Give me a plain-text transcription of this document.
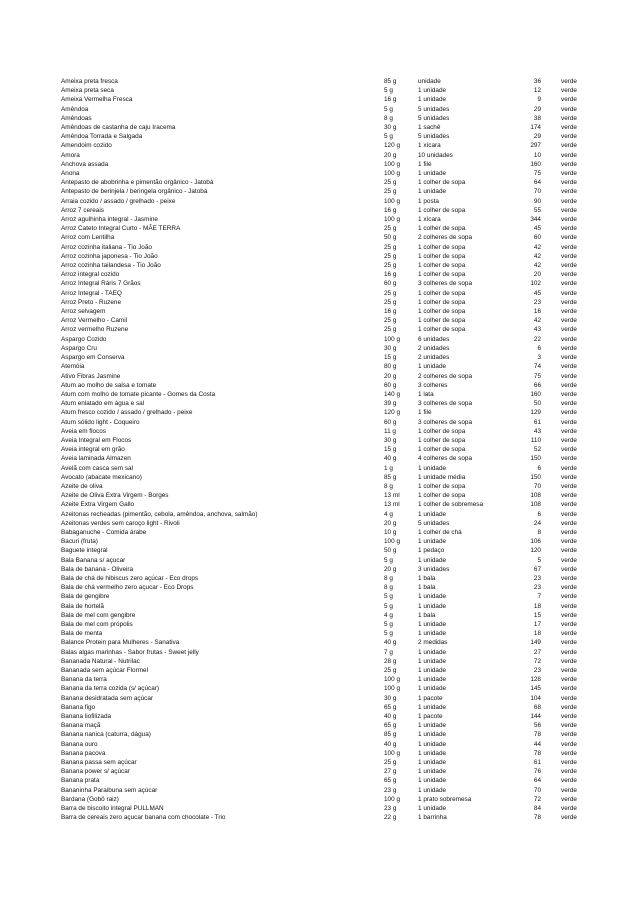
Ameixa preta fresca	85 g	unidade	36	verde
Ameixa preta seca	5 g	1 unidade	12	verde
Ameixa Vermelha Fresca	16 g	1 unidade	9	verde
Amêndoa	5 g	5 unidades	29	verde
Amêndoas	8 g	5 unidades	38	verde
Amêndoas de castanha de caju Iracema	30 g	1 sachê	174	verde
Amêndoa Torrada e Salgada	5 g	5 unidades	29	verde
Amendoim cozido	120 g	1 xícara	297	verde
Amora	20 g	10 unidades	10	verde
Anchova assada	100 g	1 filé	160	verde
Anona	100 g	1 unidade	75	verde
Antepasto de abobrinha e pimentão orgânico - Jatobá	25 g	1 colher de sopa	64	verde
Antepasto de berinjela / beringela orgânico - Jatobá	25 g	1 unidade	70	verde
Arraia cozido / assado / grelhado - peixe	100 g	1 posta	90	verde
Arroz 7 cereais	16 g	1 colher de sopa	55	verde
Arroz agulhinha integral - Jasmine	100 g	1 xícara	344	verde
Arroz Cateto Integral Curto - MÃE TERRA	25 g	1 colher de sopa	45	verde
Arroz com Lentilha	50 g	2 colheres de sopa	60	verde
Arroz cozinha italiana - Tio João	25 g	1 colher de sopa	42	verde
Arroz cozinha japonesa - Tio João	25 g	1 colher de sopa	42	verde
Arroz cozinha tailandesa - Tio João	25 g	1 colher de sopa	42	verde
Arroz integral cozido	16 g	1 colher de sopa	20	verde
Arroz Integral Ráris 7 Grãos	60 g	3 colheres de sopa	102	verde
Arroz Integral - TAEQ	25 g	1 colher de sopa	45	verde
Arroz Preto - Ruzene	25 g	1 colher de sopa	23	verde
Arroz selvagem	16 g	1 colher de sopa	16	verde
Arroz Vermelho - Camil	25 g	1 colher de sopa	42	verde
Arroz vermelho Ruzene	25 g	1 colher de sopa	43	verde
Aspargo Cozido	100 g	6 unidades	22	verde
Aspargo Cru	30 g	2 unidades	6	verde
Aspargo em Conserva	15 g	2 unidades	3	verde
Atemóia	80 g	1 unidade	74	verde
Ativo Fibras Jasmine	20 g	2 colheres de sopa	75	verde
Atum ao molho de salsa e tomate	60 g	3 colheres	66	verde
Atum com molho de tomate picante - Gomes da Costa	140 g	1 lata	160	verde
Atum enlatado em água e sal	39 g	3 colheres de sopa	50	verde
Atum fresco cozido / assado / grelhado - peixe	120 g	1 filé	129	verde
Atum sólido light - Coqueiro	60 g	3 colheres de sopa	61	verde
Aveia em flocos	11 g	1 colher de sopa	43	verde
Aveia Integral em Flocos	30 g	1 colher de sopa	110	verde
Aveia integral em grão	15 g	1 colher de sopa	52	verde
Aveia laminada Almazen	40 g	4 colheres de sopa	150	verde
Avelã com casca sem sal	1 g	1 unidade	6	verde
Avocato (abacate mexicano)	85 g	1 unidade média	150	verde
Azeite de oliva	8 g	1 colher de sopa	70	verde
Azeite de Oliva Extra Virgem - Borges	13 ml	1 colher de sopa	108	verde
Azeite Extra Virgem Gallo	13 ml	1 colher de sobremesa	108	verde
Azeitonas recheadas (pimentão, cebola, amêndoa, anchova, salmão)	4 g	1 unidade	6	verde
Azeitonas verdes sem caroço light - Rivoli	20 g	5 unidades	24	verde
Babaganuche - Comida árabe	10 g	1 colher de chá	8	verde
Bacuri (fruta)	100 g	1 unidade	106	verde
Baguete integral	50 g	1 pedaço	120	verde
Bala Banana s/ açucar	5 g	1 unidade	5	verde
Bala de banana - Oliveira	20 g	3 unidades	67	verde
Bala de chá de hibiscus zero açúcar - Eco drops	8 g	1 bala	23	verde
Bala de chá vermelho zero açucar - Eco Drops	8 g	1 bala	23	verde
Bala de gengibre	5 g	1 unidade	7	verde
Bala de hortelã	5 g	1 unidade	18	verde
Bala de mel com gengibre	4 g	1 bala	15	verde
Bala de mel com própolis	5 g	1 unidade	17	verde
Bala de menta	5 g	1 unidade	18	verde
Balance Protein para Mulheres - Sanativa	40 g	2 medidas	149	verde
Balas algas marinhas - Sabor frutas - Sweet jelly	7 g	1 unidade	27	verde
Bananada Natural - Nutrilac	28 g	1 unidade	72	verde
Bananada sem açúcar Flormel	25 g	1 unidade	23	verde
Banana da terra	100 g	1 unidade	128	verde
Banana da terra cozida (s/ açúcar)	100 g	1 unidade	145	verde
Banana desidratada sem açúcar	30 g	1 pacote	104	verde
Banana figo	65 g	1 unidade	68	verde
Banana liofilizada	40 g	1 pacote	144	verde
Banana maçã	65 g	1 unidade	56	verde
Banana nanica (caturra, dágua)	85 g	1 unidade	78	verde
Banana ouro	40 g	1 unidade	44	verde
Banana pacova	100 g	1 unidade	78	verde
Banana passa sem açúcar	25 g	1 unidade	61	verde
Banana power s/ açúcar	27 g	1 unidade	76	verde
Banana prata	65 g	1 unidade	64	verde
Bananinha Paraibuna sem açúcar	23 g	1 unidade	70	verde
Bardana (Gobô raiz)	100 g	1 prato sobremesa	72	verde
Barra de biscoito integral PULLMAN	23 g	1 unidade	84	verde
Barra de cereais zero açucar banana com chocolate - Trio	22 g	1 barrinha	78	verde
